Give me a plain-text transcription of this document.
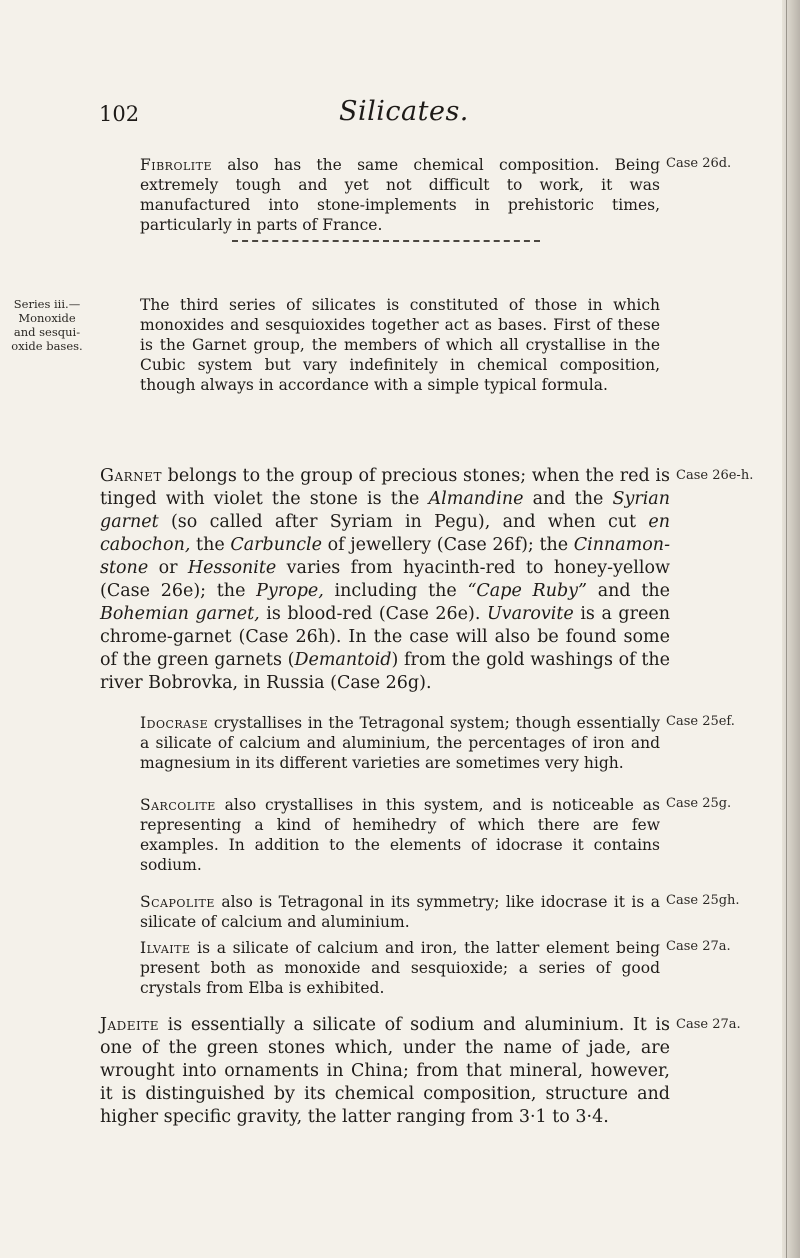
102	Silicates.

Fibrolite also has the same chemical composition. Being extremely tough and yet not difficult to work, it was manufactured into stone-implements in prehistoric times, particularly in parts of France.

Case 26d.
Series iii.—
Monoxide
and sesqui-
oxide bases.

The third series of silicates is constituted of those in which monoxides and sesquioxides together act as bases. First of these is the Garnet group, the members of which all crystallise in the Cubic system but vary indefinitely in chemical composition, though always in accordance with a simple typical formula.

Garnet belongs to the group of precious stones; when the red is tinged with violet the stone is the Almandine and the Syrian garnet (so called after Syriam in Pegu), and when cut en cabochon, the Carbuncle of jewellery (Case 26f); the Cinnamon-stone or Hessonite varies from hyacinth-red to honey-yellow (Case 26e); the Pyrope, including the “Cape Ruby” and the Bohemian garnet, is blood-red (Case 26e). Uvarovite is a green chrome-garnet (Case 26h). In the case will also be found some of the green garnets (Demantoid) from the gold washings of the river Bobrovka, in Russia (Case 26g).

Case 26e-h.

Idocrase crystallises in the Tetragonal system; though essentially a silicate of calcium and aluminium, the percentages of iron and magnesium in its different varieties are sometimes very high.

Case 25ef.

Sarcolite also crystallises in this system, and is noticeable as representing a kind of hemihedry of which there are few examples. In addition to the elements of idocrase it contains sodium.

Case 25g.

Scapolite also is Tetragonal in its symmetry; like idocrase it is a silicate of calcium and aluminium.

Case 25gh.

Ilvaite is a silicate of calcium and iron, the latter element being present both as monoxide and sesquioxide; a series of good crystals from Elba is exhibited.

Case 27a.

Jadeite is essentially a silicate of sodium and aluminium. It is one of the green stones which, under the name of jade, are wrought into ornaments in China; from that mineral, however, it is distinguished by its chemical composition, structure and higher specific gravity, the latter ranging from 3·1 to 3·4.

Case 27a.
